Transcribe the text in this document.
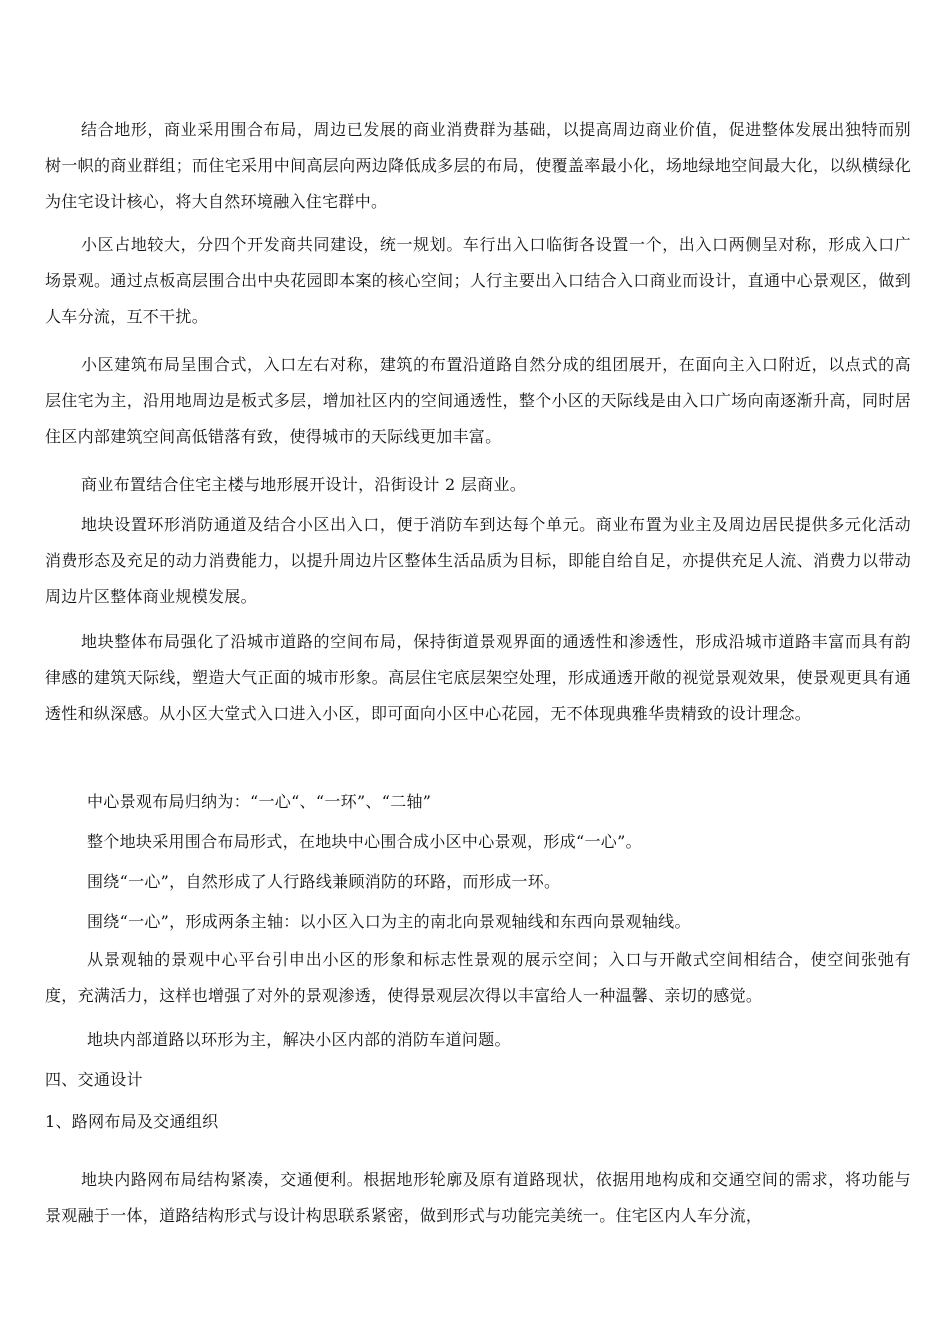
结合地形，商业采用围合布局，周边已发展的商业消费群为基础，以提高周边商业价值，促进整体发展出独特而别树一帜的商业群组；而住宅采用中间高层向两边降低成多层的布局，使覆盖率最小化，场地绿地空间最大化，以纵横绿化为住宅设计核心，将大自然环境融入住宅群中。

小区占地较大，分四个开发商共同建设，统一规划。车行出入口临街各设置一个，出入口两侧呈对称，形成入口广场景观。通过点板高层围合出中央花园即本案的核心空间；人行主要出入口结合入口商业而设计，直通中心景观区，做到人车分流，互不干扰。

小区建筑布局呈围合式，入口左右对称，建筑的布置沿道路自然分成的组团展开，在面向主入口附近，以点式的高层住宅为主，沿用地周边是板式多层，增加社区内的空间通透性，整个小区的天际线是由入口广场向南逐渐升高，同时居住区内部建筑空间高低错落有致，使得城市的天际线更加丰富。

商业布置结合住宅主楼与地形展开设计，沿街设计 2 层商业。

地块设置环形消防通道及结合小区出入口，便于消防车到达每个单元。商业布置为业主及周边居民提供多元化活动消费形态及充足的动力消费能力，以提升周边片区整体生活品质为目标，即能自给自足，亦提供充足人流、消费力以带动周边片区整体商业规模发展。

地块整体布局强化了沿城市道路的空间布局，保持街道景观界面的通透性和渗透性，形成沿城市道路丰富而具有韵律感的建筑天际线，塑造大气正面的城市形象。高层住宅底层架空处理，形成通透开敞的视觉景观效果，使景观更具有通透性和纵深感。从小区大堂式入口进入小区，即可面向小区中心花园，无不体现典雅华贵精致的设计理念。

中心景观布局归纳为：“一心“、“一环”、“二轴”

整个地块采用围合布局形式，在地块中心围合成小区中心景观，形成“一心”。

围绕“一心”，自然形成了人行路线兼顾消防的环路，而形成一环。

围绕“一心”，形成两条主轴：以小区入口为主的南北向景观轴线和东西向景观轴线。

从景观轴的景观中心平台引申出小区的形象和标志性景观的展示空间；入口与开敞式空间相结合，使空间张弛有度，充满活力，这样也增强了对外的景观渗透，使得景观层次得以丰富给人一种温馨、亲切的感觉。

地块内部道路以环形为主，解决小区内部的消防车道问题。

四、交通设计
1、路网布局及交通组织

地块内路网布局结构紧凑，交通便利。根据地形轮廓及原有道路现状，依据用地构成和交通空间的需求，将功能与景观融于一体，道路结构形式与设计构思联系紧密，做到形式与功能完美统一。住宅区内人车分流，
